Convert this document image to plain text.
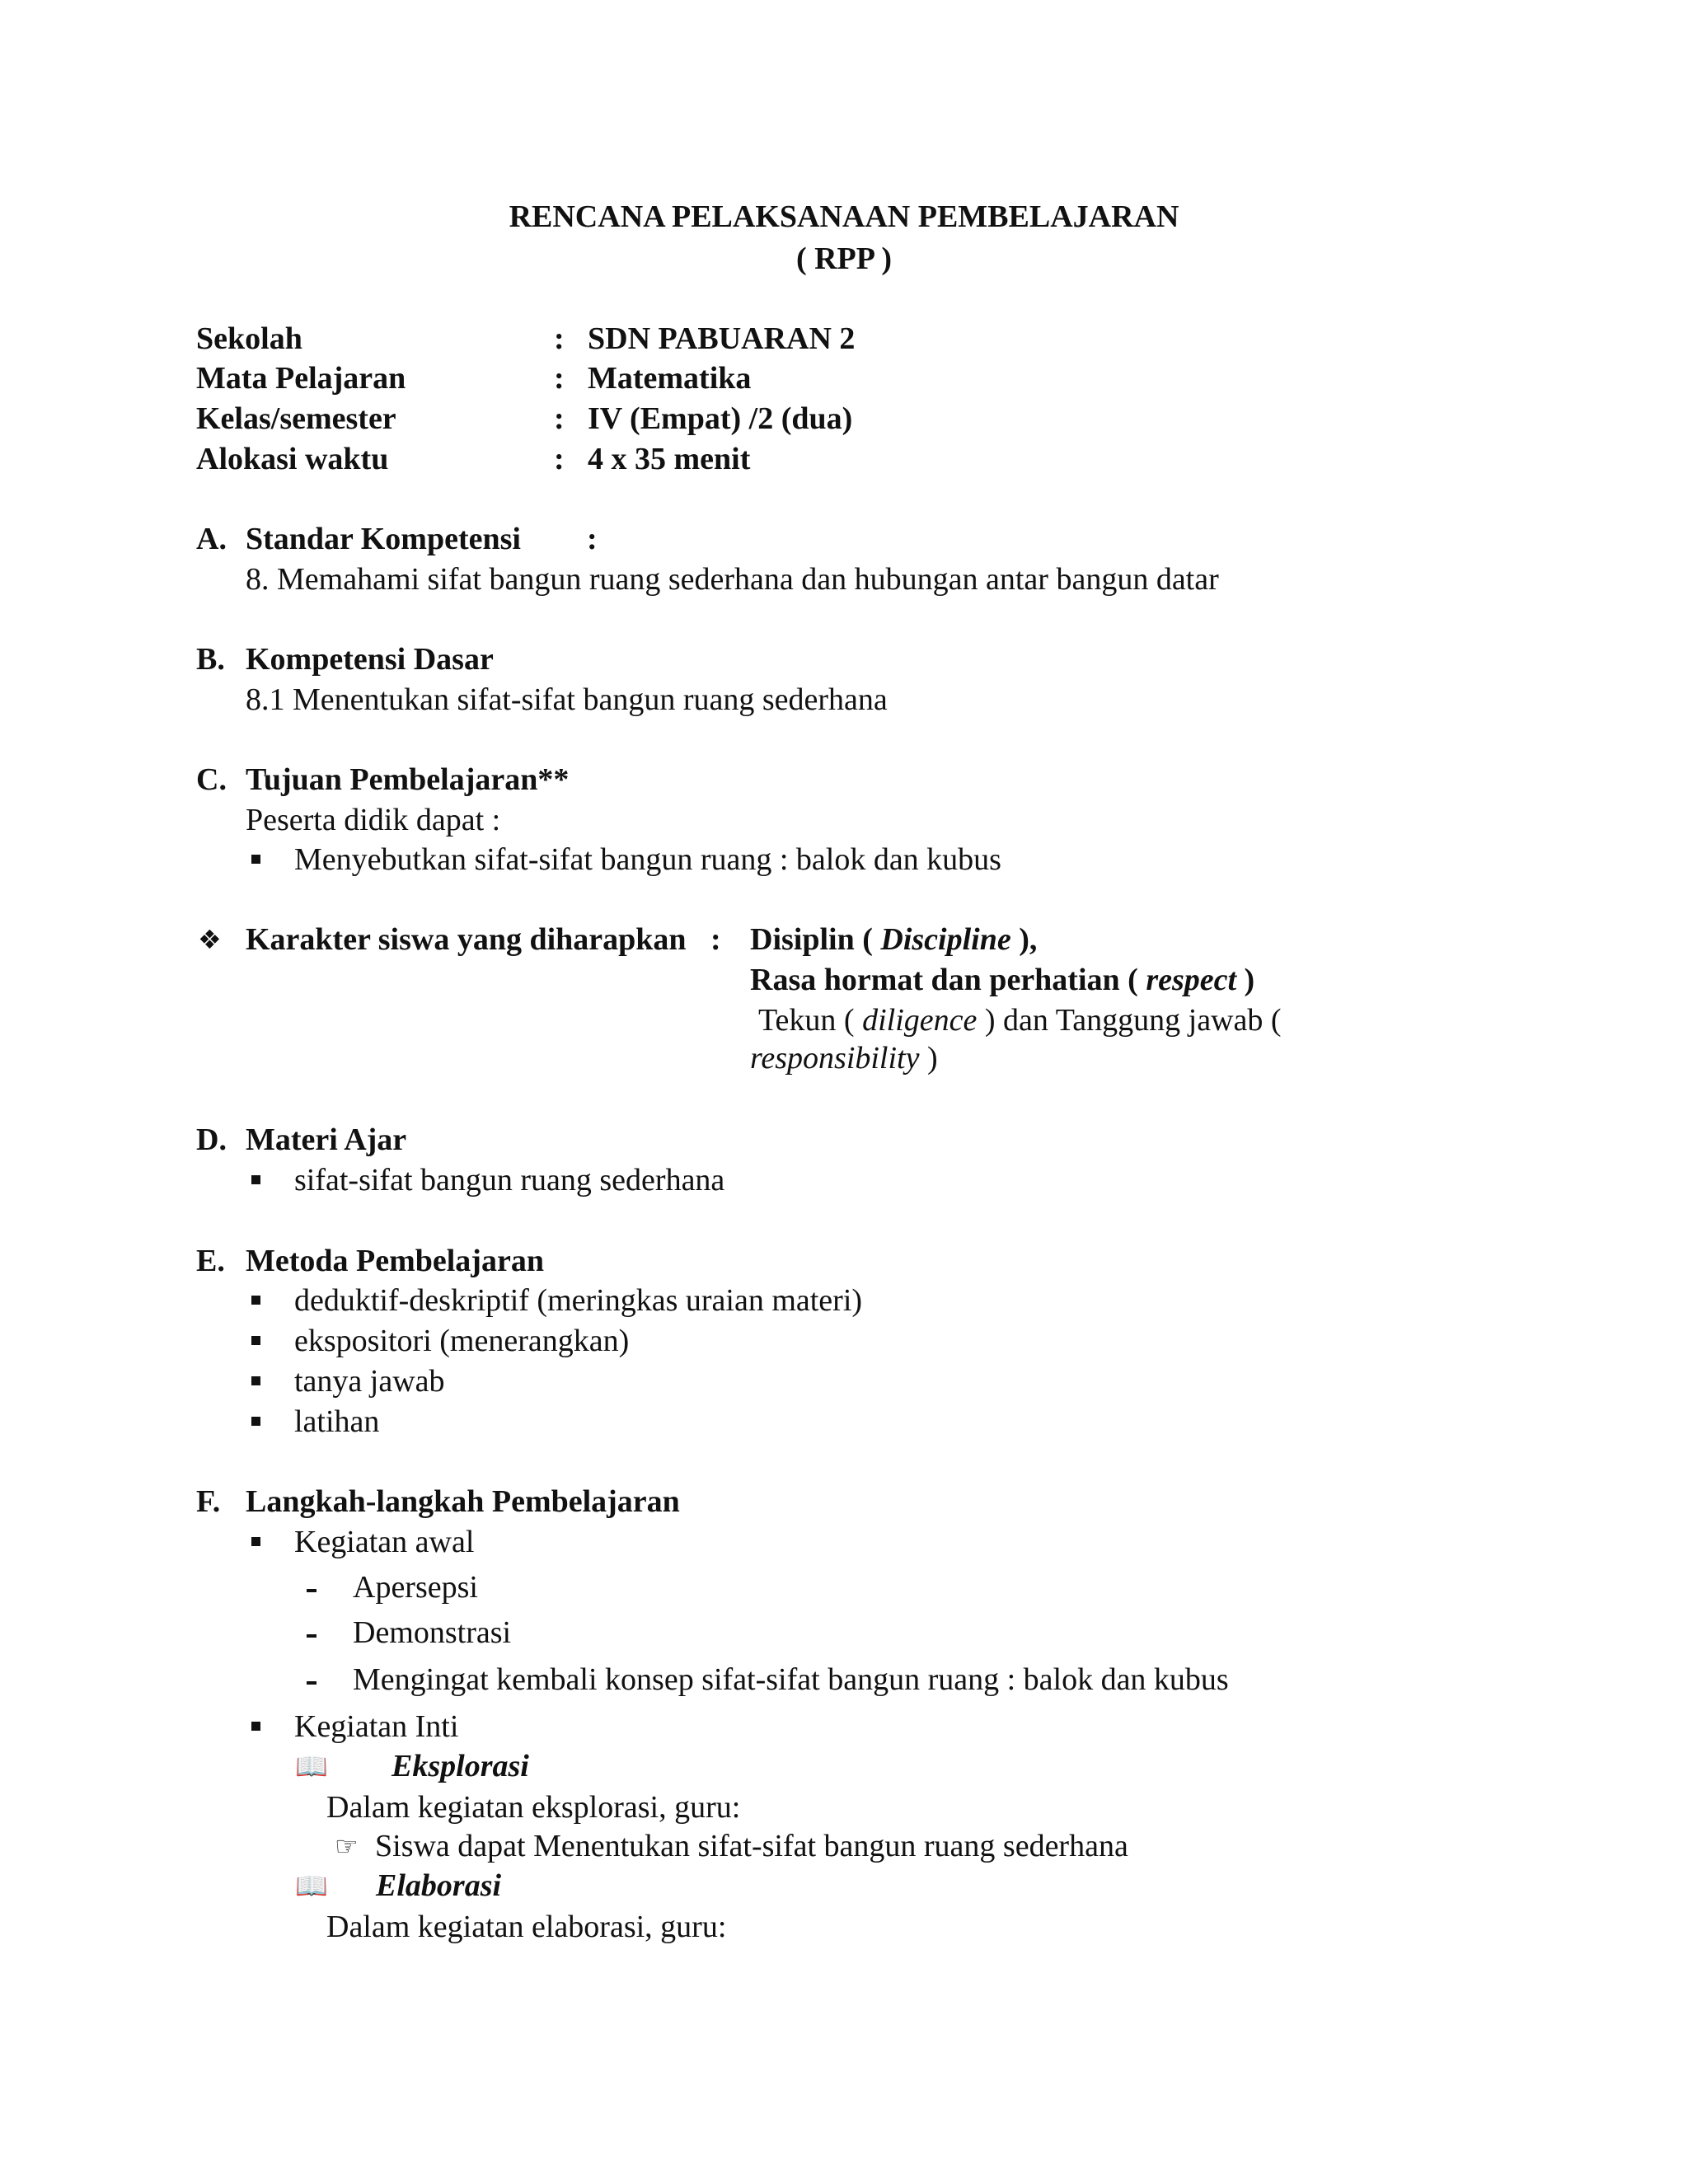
RENCANA PELAKSANAAN PEMBELAJARAN
( RPP )
Sekolah	: SDN PABUARAN 2
Mata Pelajaran	: Matematika
Kelas/semester	: IV (Empat) /2 (dua)
Alokasi waktu	: 4 x 35 menit
A. Standar Kompetensi :
8. Memahami sifat bangun ruang sederhana dan hubungan antar bangun datar
B. Kompetensi Dasar
8.1 Menentukan sifat-sifat bangun ruang sederhana
C. Tujuan Pembelajaran**
Peserta didik dapat :
Menyebutkan sifat-sifat bangun ruang : balok dan kubus
❖ Karakter siswa yang diharapkan : Disiplin ( Discipline ),
Rasa hormat dan perhatian ( respect )
Tekun ( diligence ) dan Tanggung jawab (
responsibility )
D. Materi Ajar
sifat-sifat bangun ruang sederhana
E. Metoda Pembelajaran
deduktif-deskriptif (meringkas uraian materi)
ekspositori (menerangkan)
tanya jawab
latihan
F. Langkah-langkah Pembelajaran
Kegiatan awal
Apersepsi
Demonstrasi
Mengingat kembali konsep sifat-sifat bangun ruang : balok dan kubus
Kegiatan Inti
📖 Eksplorasi
Dalam kegiatan eksplorasi, guru:
☞ Siswa dapat Menentukan sifat-sifat bangun ruang sederhana
📖 Elaborasi
Dalam kegiatan elaborasi, guru:
